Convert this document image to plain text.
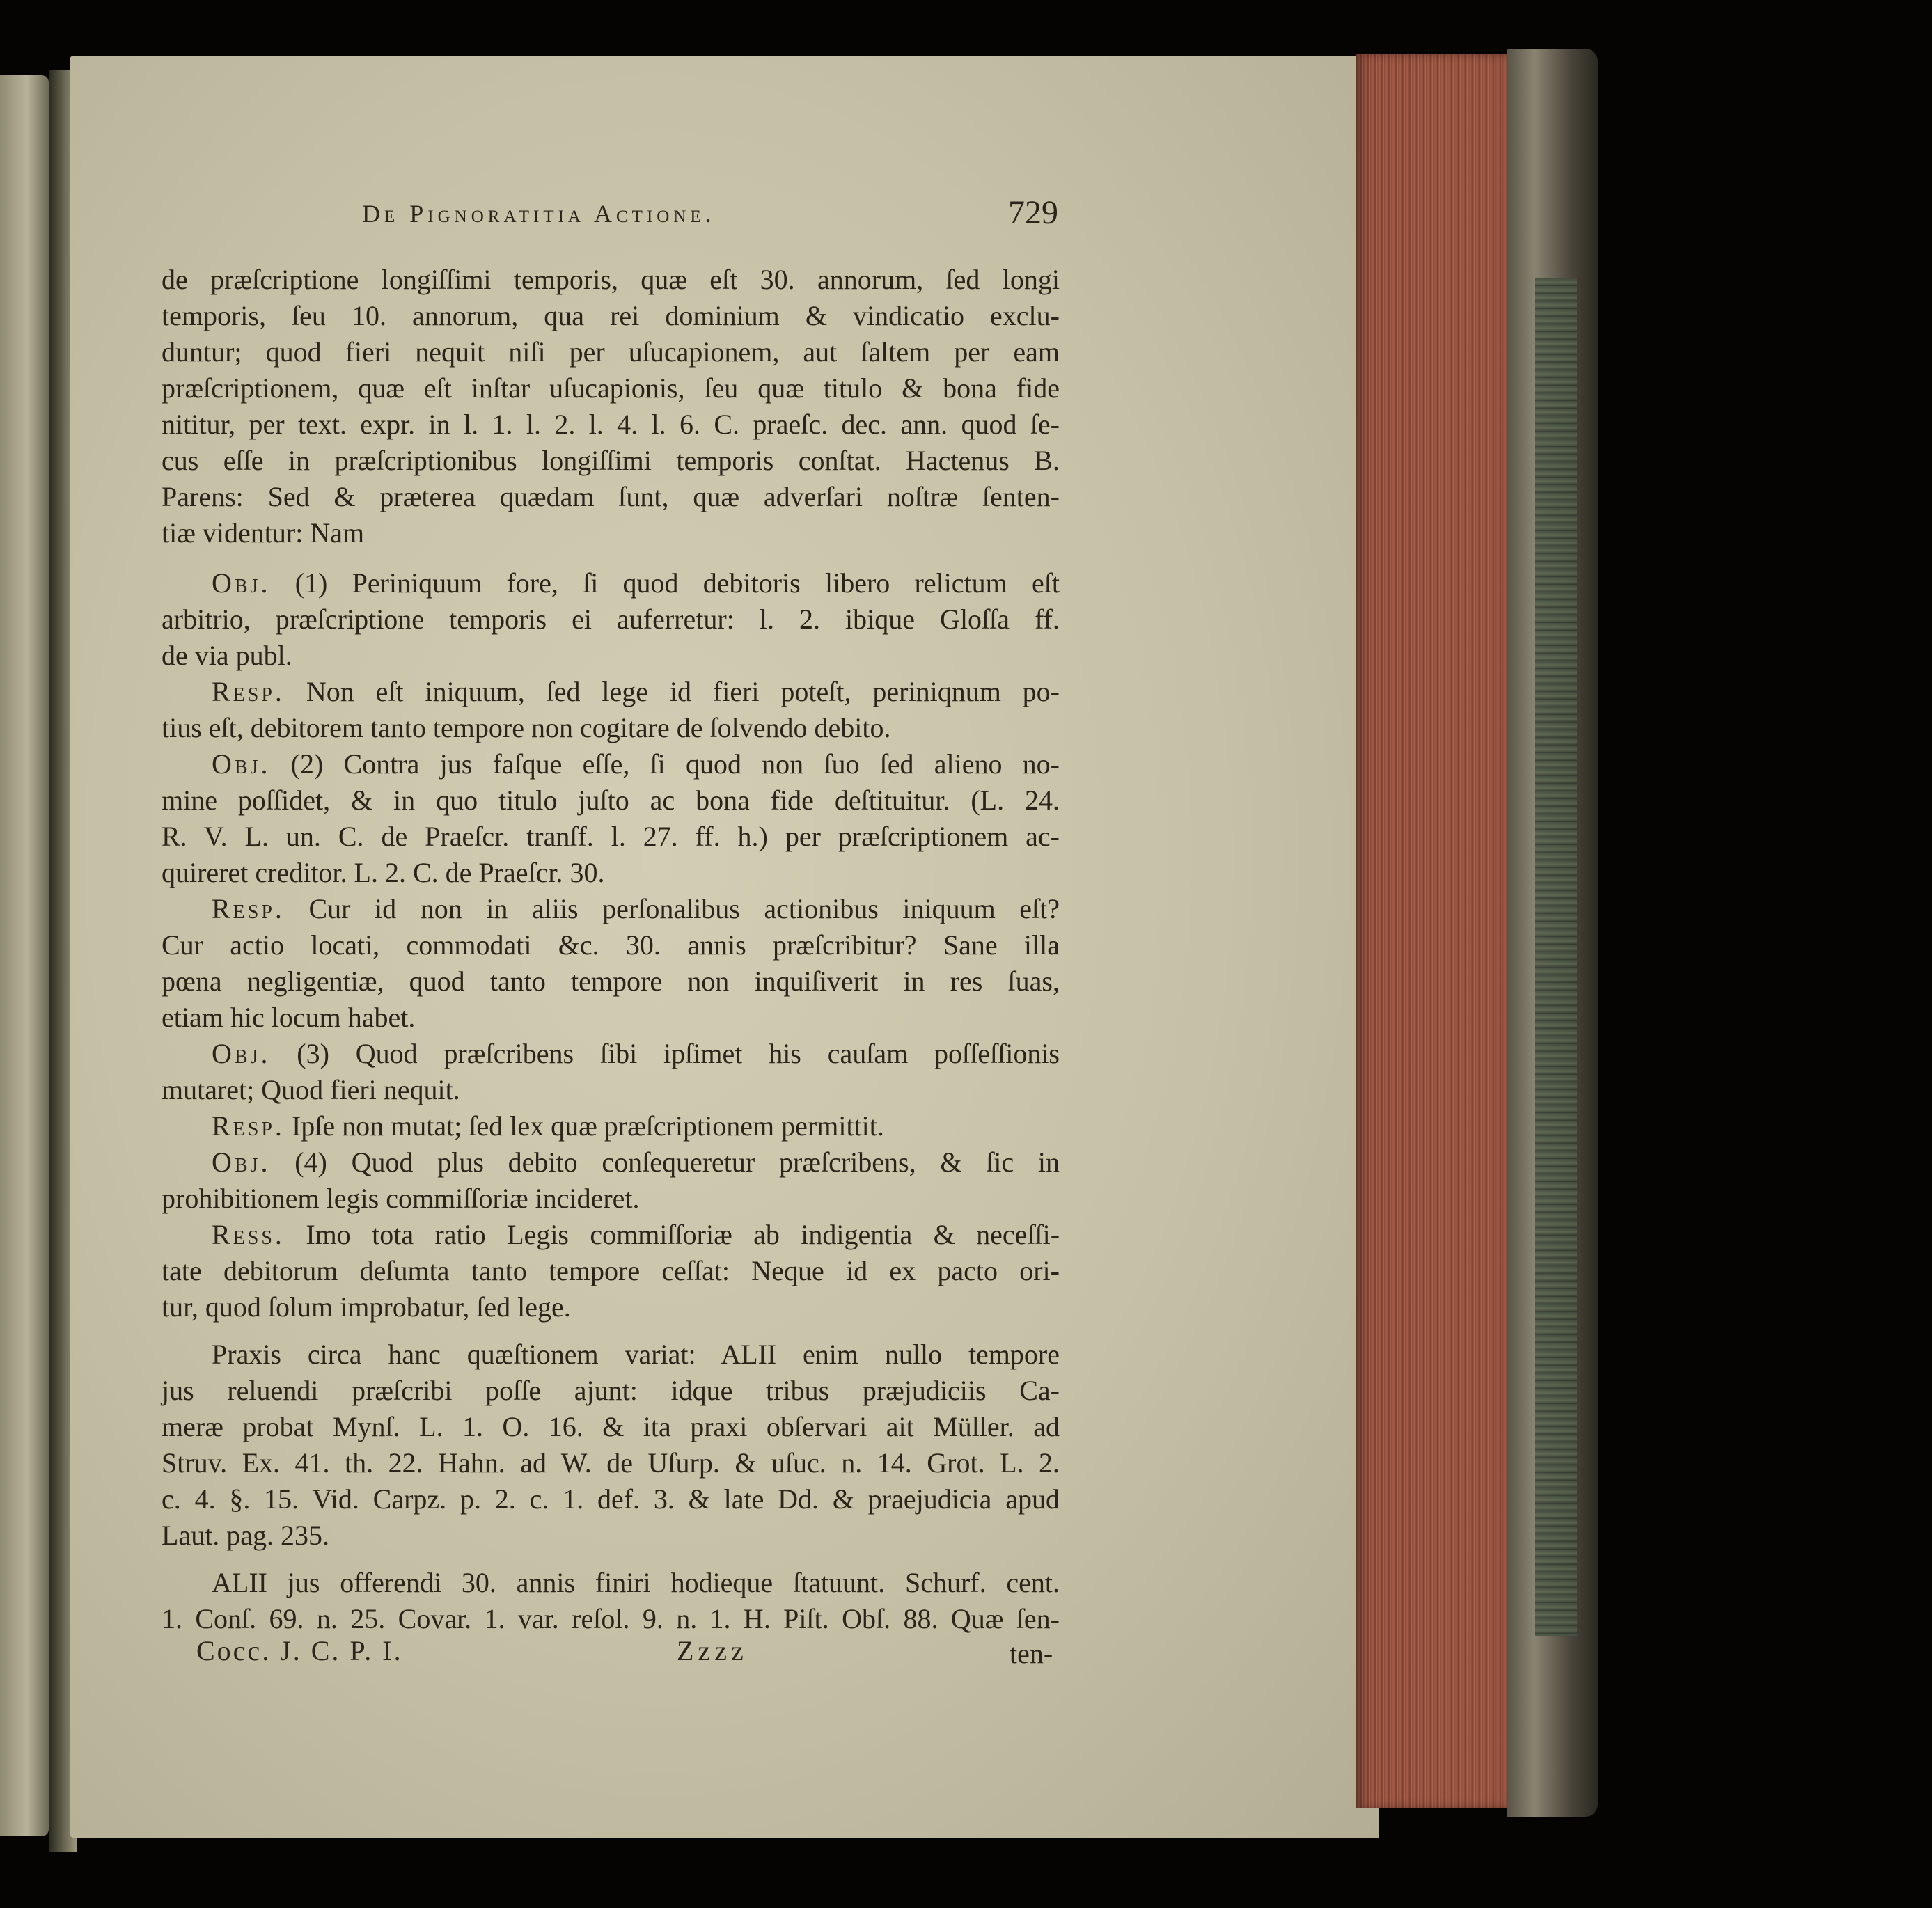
De Pignoratitia Actione.	729
de præſcriptione longiſſimi temporis, quæ eſt 30. annorum, ſed longi
temporis, ſeu 10. annorum, qua rei dominium & vindicatio exclu-
duntur; quod fieri nequit niſi per uſucapionem, aut ſaltem per eam
præſcriptionem, quæ eſt inſtar uſucapionis, ſeu quæ titulo & bona fide
nititur, per text. expr. in l. 1. l. 2. l. 4. l. 6. C. praeſc. dec. ann. quod ſe-
cus eſſe in præſcriptionibus longiſſimi temporis conſtat. Hactenus B.
Parens: Sed & præterea quædam ſunt, quæ adverſari noſtræ ſenten-
tiæ videntur: Nam
Obj. (1) Periniquum fore, ſi quod debitoris libero relictum eſt
arbitrio, præſcriptione temporis ei auferretur: l. 2. ibique Gloſſa ff.
de via publ.
Resp. Non eſt iniquum, ſed lege id fieri poteſt, periniqnum po-
tius eſt, debitorem tanto tempore non cogitare de ſolvendo debito.
Obj. (2) Contra jus faſque eſſe, ſi quod non ſuo ſed alieno no-
mine poſſidet, & in quo titulo juſto ac bona fide deſtituitur. (L. 24.
R. V. L. un. C. de Praeſcr. tranſf. l. 27. ff. h.) per præſcriptionem ac-
quireret creditor. L. 2. C. de Praeſcr. 30.
Resp. Cur id non in aliis perſonalibus actionibus iniquum eſt?
Cur actio locati, commodati &c. 30. annis præſcribitur? Sane illa
pœna negligentiæ, quod tanto tempore non inquiſiverit in res ſuas,
etiam hic locum habet.
Obj. (3) Quod præſcribens ſibi ipſimet his cauſam poſſeſſionis
mutaret; Quod fieri nequit.
Resp. Ipſe non mutat; ſed lex quæ præſcriptionem permittit.
Obj. (4) Quod plus debito conſequeretur præſcribens, & ſic in
prohibitionem legis commiſſoriæ incideret.
Ress. Imo tota ratio Legis commiſſoriæ ab indigentia & neceſſi-
tate debitorum deſumta tanto tempore ceſſat: Neque id ex pacto ori-
tur, quod ſolum improbatur, ſed lege.
Praxis circa hanc quæſtionem variat: ALII enim nullo tempore
jus reluendi præſcribi poſſe ajunt: idque tribus præjudiciis Ca-
meræ probat Mynſ. L. 1. O. 16. & ita praxi obſervari ait Müller. ad
Struv. Ex. 41. th. 22. Hahn. ad W. de Uſurp. & uſuc. n. 14. Grot. L. 2.
c. 4. §. 15. Vid. Carpz. p. 2. c. 1. def. 3. & late Dd. & praejudicia apud
Laut. pag. 235.
ALII jus offerendi 30. annis finiri hodieque ſtatuunt. Schurf. cent.
1. Conſ. 69. n. 25. Covar. 1. var. reſol. 9. n. 1. H. Piſt. Obſ. 88. Quæ ſen-
Cocc. J. C. P. I.	Zzzz	ten-
